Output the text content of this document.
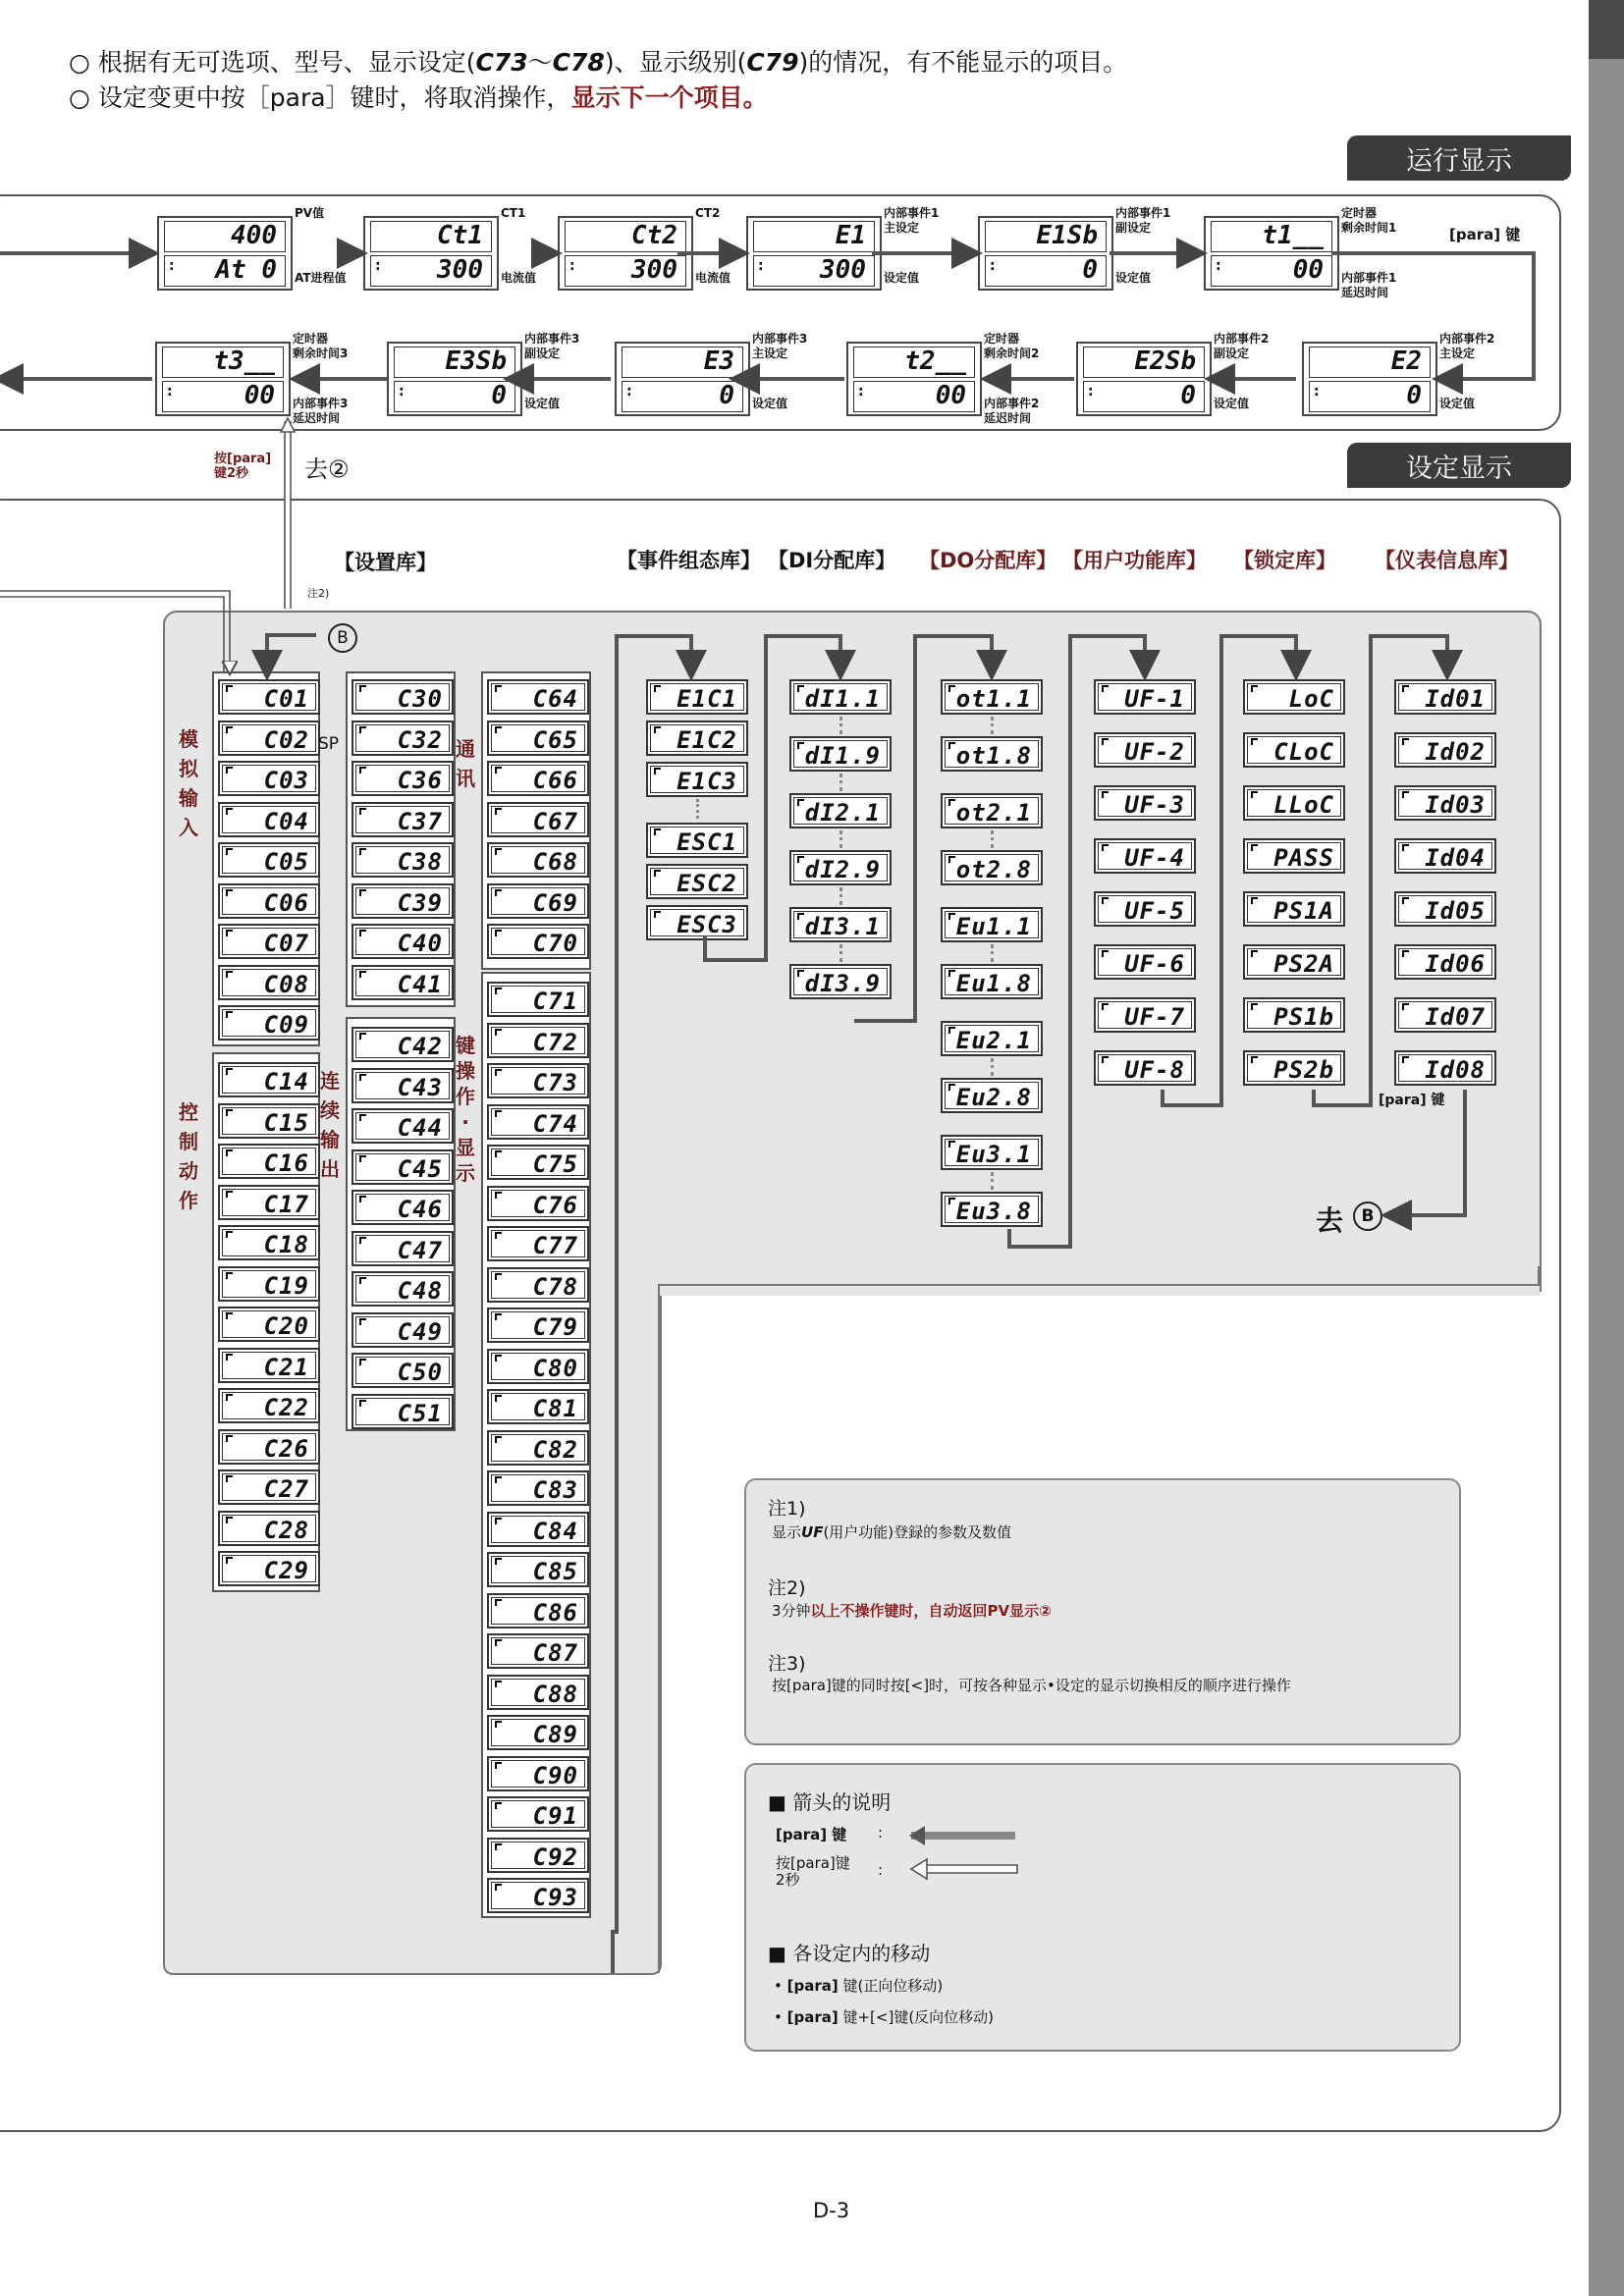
○ 根据有无可选项、型号、显示设定(C73～C78)、显示级别(C79)的情况，有不能显示的项目。
○ 设定变更中按［para］键时，将取消操作，显示下一个项目。
运行显示
设定显示
400
: At 0
PV值
AT进程值
Ct1
: 300
CT1
电流值
Ct2
: 300
CT2
电流值
E1
: 300
内部事件1
主设定
设定值
E1Sb
:	0
内部事件1
副设定
设定值
t1__
:	00
定时器
剩余时间1
内部事件1
延迟时间
t3__
:	00
定时器
剩余时间3
内部事件3
延迟时间
E3Sb
:	0
内部事件3
副设定
设定值
E3
:	0
内部事件3
主设定
设定值
t2__
:	00
定时器
剩余时间2
内部事件2
延迟时间
E2Sb
:	0
内部事件2
副设定
设定值
E2
:	0
内部事件2
主设定
设定值
C01
C02
C03
C04
C05
C06
C07
C08
C09
C14
C15
C16
C17
C18
C19
C20
C21
C22
C26
C27
C28
C29
C30
C32
C36
C37
C38
C39
C40
C41
C42
C43
C44
C45
C46
C47
C48
C49
C50
C51
C64
C65
C66
C67
C68
C69
C70
C71
C72
C73
C74
C75
C76
C77
C78
C79
C80
C81
C82
C83
C84
C85
C86
C87
C88
C89
C90
C91
C92
C93
E1C1
E1C2
E1C3
ESC1
ESC2
ESC3
dI1.1
dI1.9
dI2.1
dI2.9
dI3.1
dI3.9
ot1.1
ot1.8
ot2.1
ot2.8
Eu1.1
Eu1.8
Eu2.1
Eu2.8
Eu3.1
Eu3.8
UF-1
UF-2
UF-3
UF-4
UF-5
UF-6
UF-7
UF-8
LoC
CLoC
LLoC
PASS
PS1A
PS2A
PS1b
PS2b
Id01
Id02
Id03
Id04
Id05
Id06
Id07
Id08
[para] 键
按[para]
键2秒	去②
注2)
B
【设置库】	【事件组态库】 【DI分配库】 【DO分配库】 【用户功能库】 【锁定库】 【仪表信息库】
模拟输入
SP	通讯
控制动作
连续输出
键操作·显示
[para] 键
去	B
注1)
显示UF(用户功能)登録的参数及数值
注2)
3分钟以上不操作键时，自动返回PV显示②
注3)
按[para]键的同时按[<]时，可按各种显示•设定的显示切换相反的顺序进行操作
■ 箭头的说明
[para] 键 :
按[para]键
2秒
:
■ 各设定内的移动
• [para] 键(正向位移动)
• [para] 键+[<]键(反向位移动)
D-3
